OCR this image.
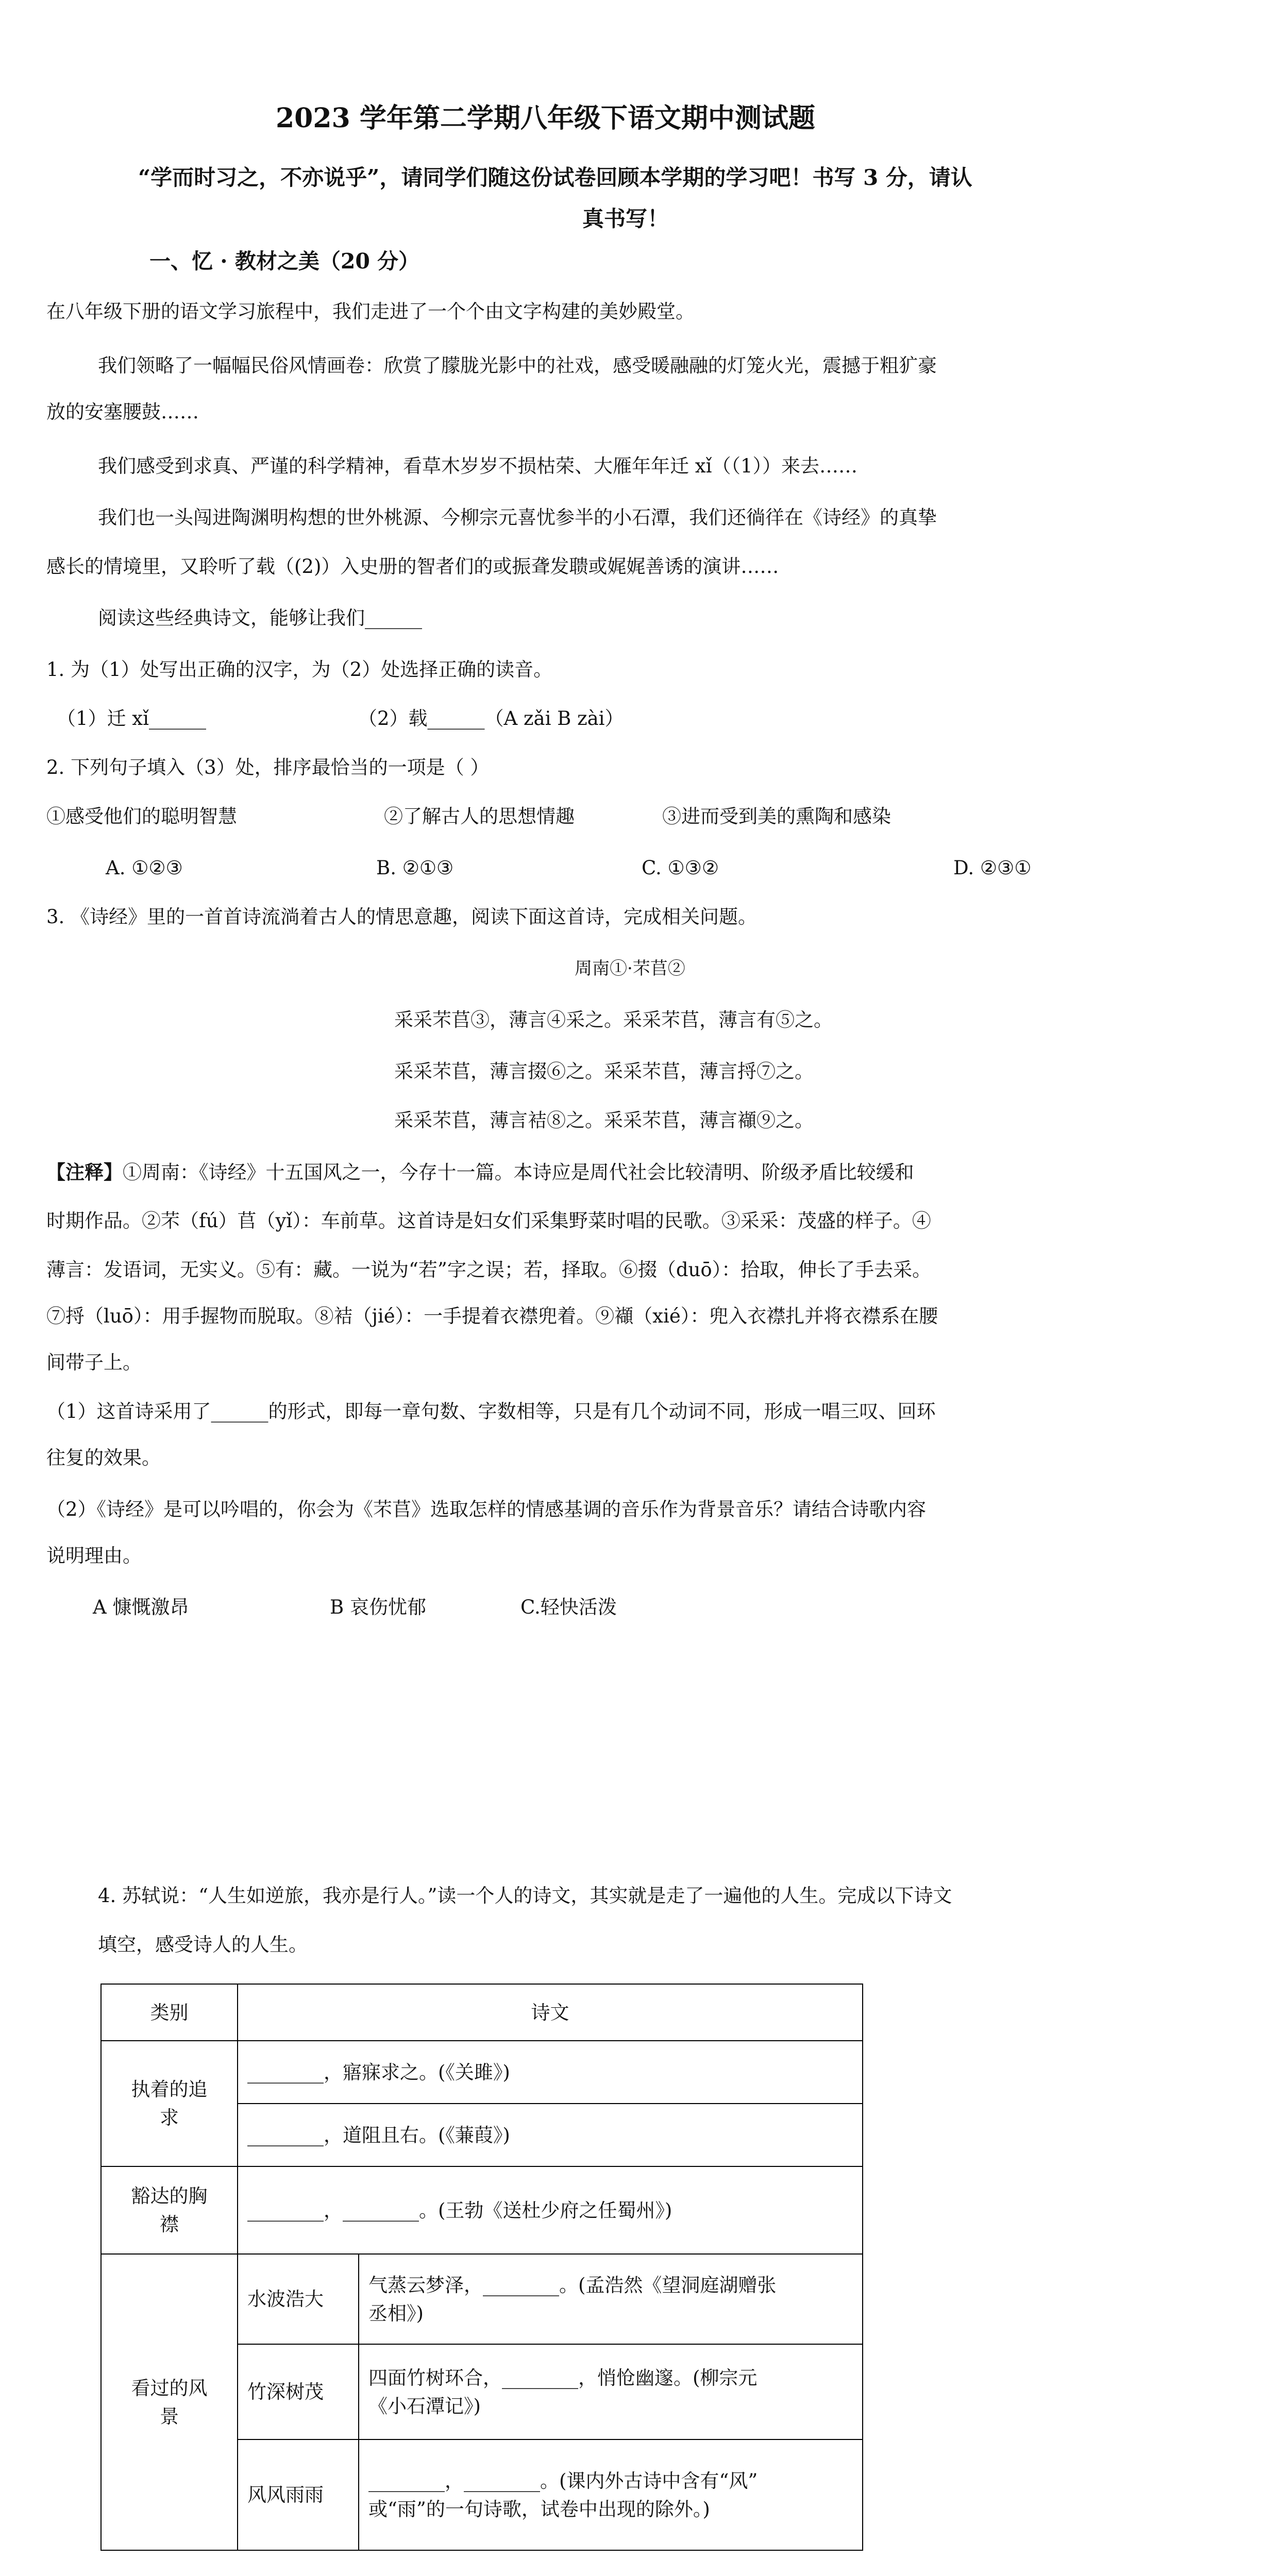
2023 学年第二学期八年级下语文期中测试题
“学而时习之，不亦说乎”，请同学们随这份试卷回顾本学期的学习吧！书写 3 分，请认
真书写！
一、忆 · 教材之美（20 分）
在八年级下册的语文学习旅程中，我们走进了一个个由文字构建的美妙殿堂。
我们领略了一幅幅民俗风情画卷：欣赏了朦胧光影中的社戏，感受暖融融的灯笼火光，震撼于粗犷豪
放的安塞腰鼓……
我们感受到求真、严谨的科学精神，看草木岁岁不损枯荣、大雁年年迁 xǐ（（1））来去……
我们也一头闯进陶渊明构想的世外桃源、今柳宗元喜忧参半的小石潭，我们还徜徉在《诗经》的真挚
感长的情境里，又聆听了载（(2)）入史册的智者们的或振聋发聩或娓娓善诱的演讲……
阅读这些经典诗文，能够让我们______
1. 为（1）处写出正确的汉字，为（2）处选择正确的读音。
（1）迁 xǐ______	（2）载______（A zǎi B zài）
2. 下列句子填入（3）处，排序最恰当的一项是（ ）
①感受他们的聪明智慧	②了解古人的思想情趣	③进而受到美的熏陶和感染
A. ①②③	B. ②①③	C. ①③②	D. ②③①
3. 《诗经》里的一首首诗流淌着古人的情思意趣，阅读下面这首诗，完成相关问题。
周南①·芣苢②
采采芣苢③，薄言④采之。采采芣苢，薄言有⑤之。
采采芣苢，薄言掇⑥之。采采芣苢，薄言捋⑦之。
采采芣苢，薄言袺⑧之。采采芣苢，薄言襭⑨之。
【注释】①周南：《诗经》十五国风之一，今存十一篇。本诗应是周代社会比较清明、阶级矛盾比较缓和
时期作品。②芣（fú）苢（yǐ）：车前草。这首诗是妇女们采集野菜时唱的民歌。③采采：茂盛的样子。④
薄言：发语词，无实义。⑤有：藏。一说为“若”字之误；若，择取。⑥掇（duō）：拾取，伸长了手去采。
⑦捋（luō）：用手握物而脱取。⑧袺（jié）：一手提着衣襟兜着。⑨襭（xié）：兜入衣襟扎并将衣襟系在腰
间带子上。
（1）这首诗采用了______的形式，即每一章句数、字数相等，只是有几个动词不同，形成一唱三叹、回环
往复的效果。
（2）《诗经》是可以吟唱的，你会为《芣苢》选取怎样的情感基调的音乐作为背景音乐？请结合诗歌内容
说明理由。
A 慷慨激昂	B 哀伤忧郁	C.轻快活泼
4. 苏轼说：“人生如逆旅，我亦是行人。”读一个人的诗文，其实就是走了一遍他的人生。完成以下诗文
填空，感受诗人的人生。
类别	诗文	
执着的追
求	________，寤寐求之。(《关雎》)	
	________，道阻且右。(《蒹葭》)	
豁达的胸
襟	________，________。(王勃《送杜少府之任蜀州》)	
看过的风
景	水波浩大	气蒸云梦泽，________。(孟浩然《望洞庭湖赠张
丞相》)
	竹深树茂	四面竹树环合，________，悄怆幽邃。(柳宗元
《小石潭记》)
	风风雨雨	________，________。(课内外古诗中含有“风”
或“雨”的一句诗歌，试卷中出现的除外。)
